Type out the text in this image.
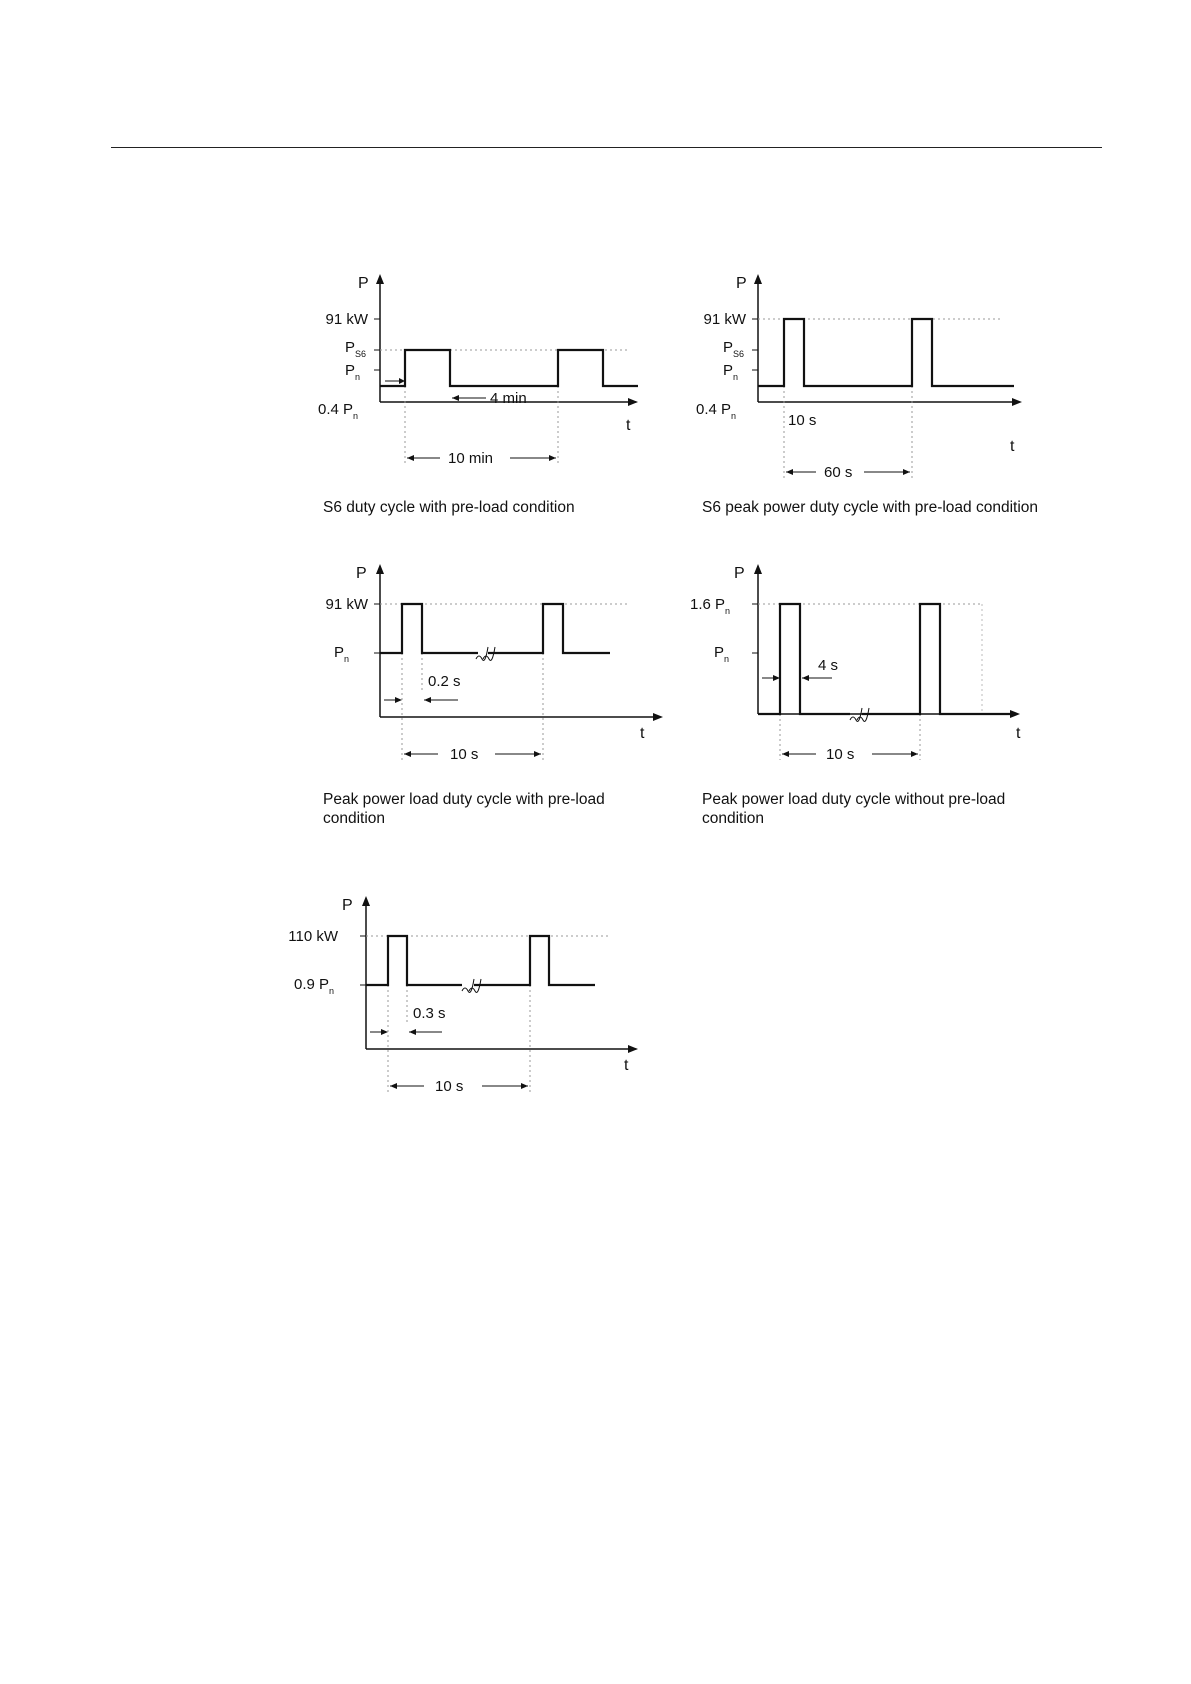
P
t
91 kW
$P_{S6}$
$P_n$
0.4 $P_n$
4 min
10 min
S6 duty cycle with pre-load condition
P
t
91 kW
$P_{S6}$
$P_n$
0.4 $P_n$	10 s
60 s
S6 peak power duty cycle with pre-load condition
P
t
91 kW
$P_n$
0.2 s
10 s
Peak power load duty cycle with pre-load
condition
P
t
1.6 $P_n$
$P_n$	4 s
10 s
Peak power load duty cycle without pre-load
condition
P
t
110 kW
0.9 $P_n$
0.3 s
10 s
